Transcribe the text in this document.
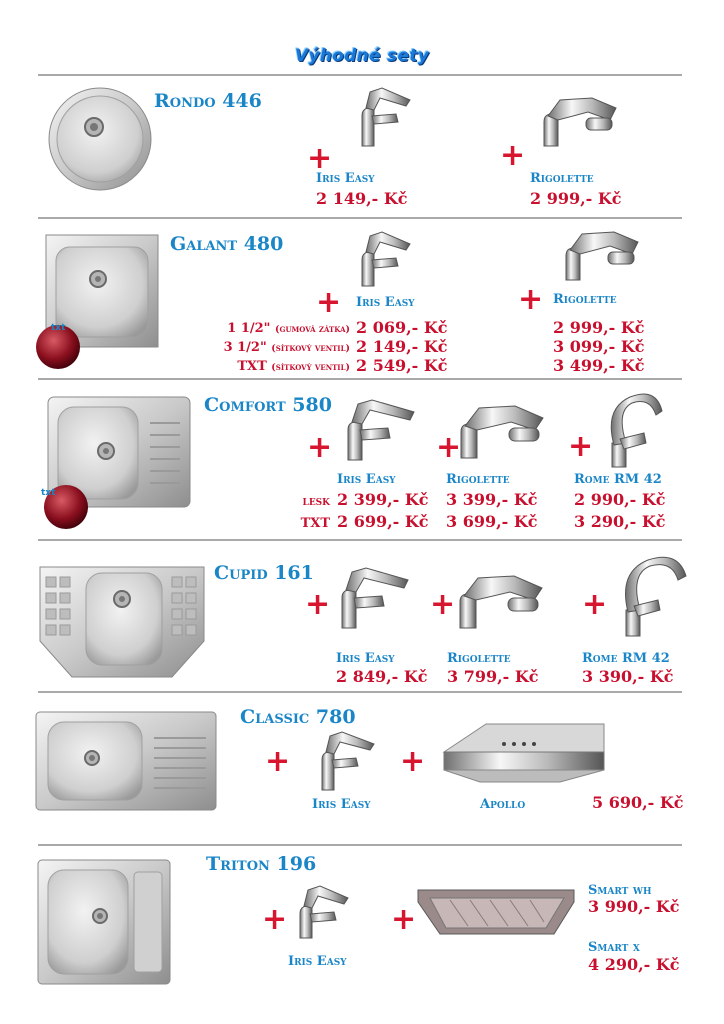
Výhodné sety
Rondo 446
+
Iris Easy
2 149,- Kč
+
Rigolette
2 999,- Kč
txt
Galant 480
+ Iris Easy	+ Rigolette
1 1/2" (gumová zátka) 2 069,- Kč	2 999,- Kč
3 1/2" (sítkový ventil) 2 149,- Kč	3 099,- Kč
TXT (sítkový ventil) 2 549,- Kč	3 499,- Kč
txt
Comfort 580
+
Iris Easy
+
Rigolette
+
Rome RM 42
lesk 2 399,- Kč 3 399,- Kč 2 990,- Kč
TXT 2 699,- Kč 3 699,- Kč 3 290,- Kč
Cupid 161
+
Iris Easy
2 849,- Kč
+
Rigolette
3 799,- Kč
+
Rome RM 42
3 390,- Kč
Classic 780
+
Iris Easy
+
Apollo	5 690,- Kč
Triton 196
+
Iris Easy
+
Smart wh
3 990,- Kč
Smart x
4 290,- Kč
